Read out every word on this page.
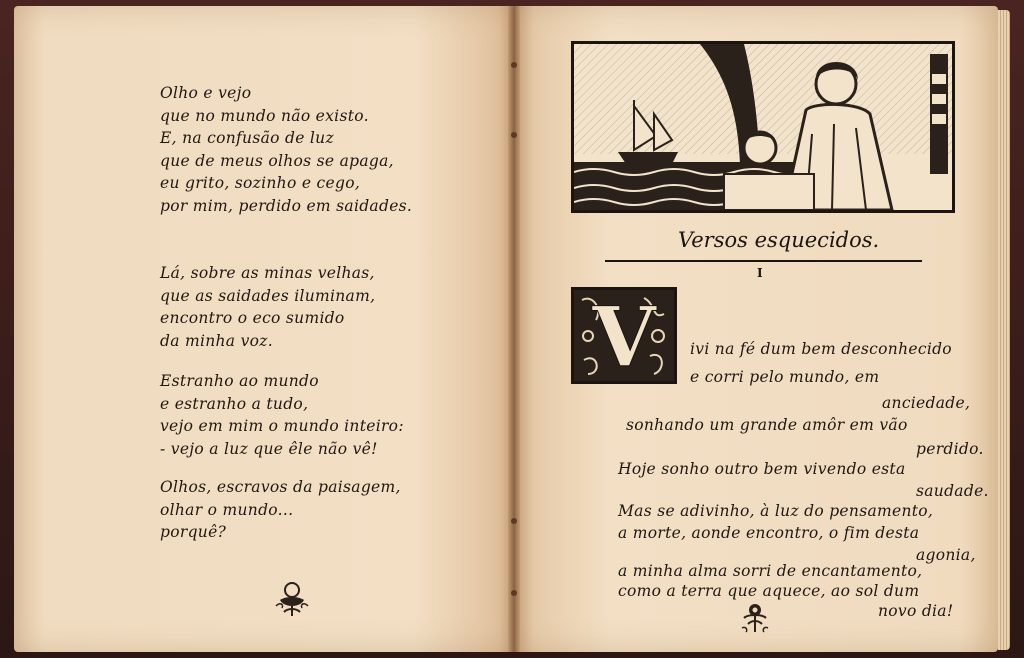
Olho e vejo
que no mundo não existo.
E, na confusão de luz
que de meus olhos se apaga,
eu grito, sozinho e cego,
por mim, perdido em saidades.
Lá, sobre as minas velhas,
que as saidades iluminam,
encontro o eco sumido
da minha voz.
Estranho ao mundo
e estranho a tudo,
vejo em mim o mundo inteiro:
- vejo a luz que êle não vê!
Olhos, escravos da paisagem,
olhar o mundo...
porquê?
Versos esquecidos.
I
V ivi na fé dum bem desconhecido
e corri pelo mundo, em
anciedade,
sonhando um grande amôr em vão
perdido.
Hoje sonho outro bem vivendo esta
saudade.
Mas se adivinho, à luz do pensamento,
a morte, aonde encontro, o fim desta
agonia,
a minha alma sorri de encantamento,
como a terra que aquece, ao sol dum
novo dia!
